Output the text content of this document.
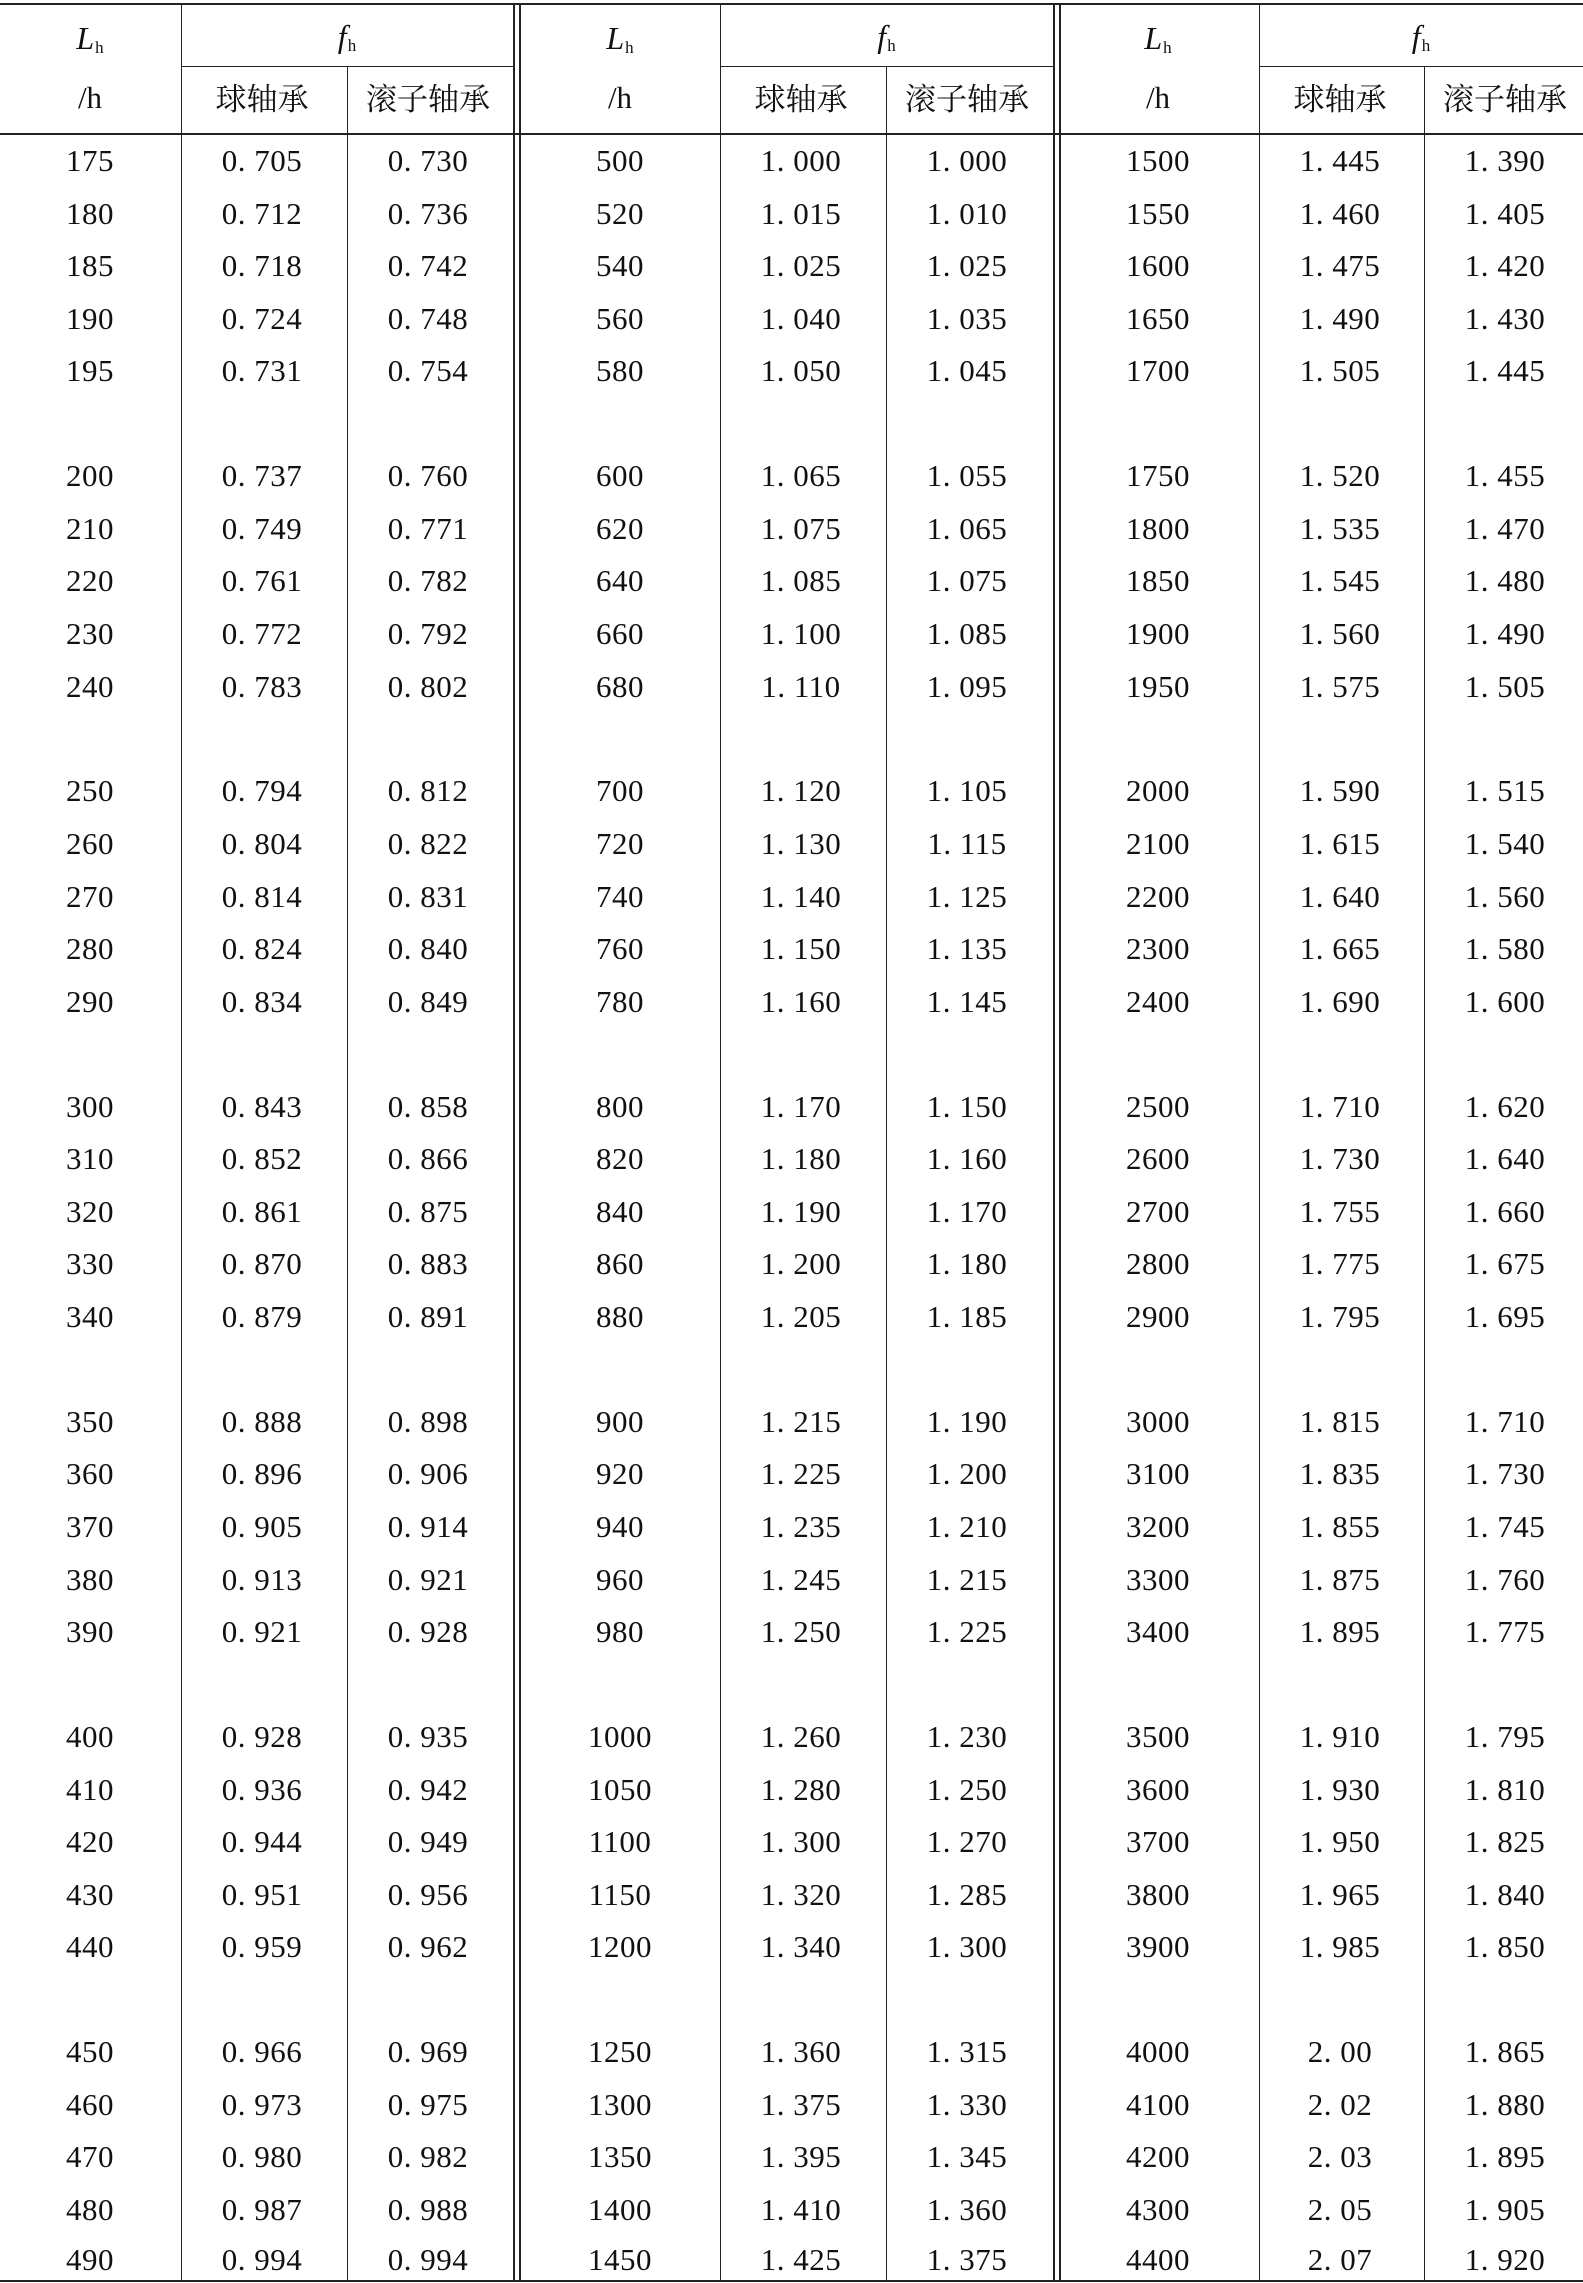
$L_h$
/h
$f_h$
球轴承	滚子轴承
175	0. 705	0. 730
180	0. 712	0. 736
185	0. 718	0. 742
190	0. 724	0. 748
195	0. 731	0. 754
200	0. 737	0. 760
210	0. 749	0. 771
220	0. 761	0. 782
230	0. 772	0. 792
240	0. 783	0. 802
250	0. 794	0. 812
260	0. 804	0. 822
270	0. 814	0. 831
280	0. 824	0. 840
290	0. 834	0. 849
300	0. 843	0. 858
310	0. 852	0. 866
320	0. 861	0. 875
330	0. 870	0. 883
340	0. 879	0. 891
350	0. 888	0. 898
360	0. 896	0. 906
370	0. 905	0. 914
380	0. 913	0. 921
390	0. 921	0. 928
400	0. 928	0. 935
410	0. 936	0. 942
420	0. 944	0. 949
430	0. 951	0. 956
440	0. 959	0. 962
450	0. 966	0. 969
460	0. 973	0. 975
470	0. 980	0. 982
480	0. 987	0. 988
490	0. 994	0. 994
$L_h$
/h
$f_h$
球轴承	滚子轴承
500	1. 000	1. 000
520	1. 015	1. 010
540	1. 025	1. 025
560	1. 040	1. 035
580	1. 050	1. 045
600	1. 065	1. 055
620	1. 075	1. 065
640	1. 085	1. 075
660	1. 100	1. 085
680	1. 110	1. 095
700	1. 120	1. 105
720	1. 130	1. 115
740	1. 140	1. 125
760	1. 150	1. 135
780	1. 160	1. 145
800	1. 170	1. 150
820	1. 180	1. 160
840	1. 190	1. 170
860	1. 200	1. 180
880	1. 205	1. 185
900	1. 215	1. 190
920	1. 225	1. 200
940	1. 235	1. 210
960	1. 245	1. 215
980	1. 250	1. 225
1000	1. 260	1. 230
1050	1. 280	1. 250
1100	1. 300	1. 270
1150	1. 320	1. 285
1200	1. 340	1. 300
1250	1. 360	1. 315
1300	1. 375	1. 330
1350	1. 395	1. 345
1400	1. 410	1. 360
1450	1. 425	1. 375
$L_h$
/h
$f_h$
球轴承	滚子轴承
1500	1. 445	1. 390
1550	1. 460	1. 405
1600	1. 475	1. 420
1650	1. 490	1. 430
1700	1. 505	1. 445
1750	1. 520	1. 455
1800	1. 535	1. 470
1850	1. 545	1. 480
1900	1. 560	1. 490
1950	1. 575	1. 505
2000	1. 590	1. 515
2100	1. 615	1. 540
2200	1. 640	1. 560
2300	1. 665	1. 580
2400	1. 690	1. 600
2500	1. 710	1. 620
2600	1. 730	1. 640
2700	1. 755	1. 660
2800	1. 775	1. 675
2900	1. 795	1. 695
3000	1. 815	1. 710
3100	1. 835	1. 730
3200	1. 855	1. 745
3300	1. 875	1. 760
3400	1. 895	1. 775
3500	1. 910	1. 795
3600	1. 930	1. 810
3700	1. 950	1. 825
3800	1. 965	1. 840
3900	1. 985	1. 850
4000	2. 00	1. 865
4100	2. 02	1. 880
4200	2. 03	1. 895
4300	2. 05	1. 905
4400	2. 07	1. 920
